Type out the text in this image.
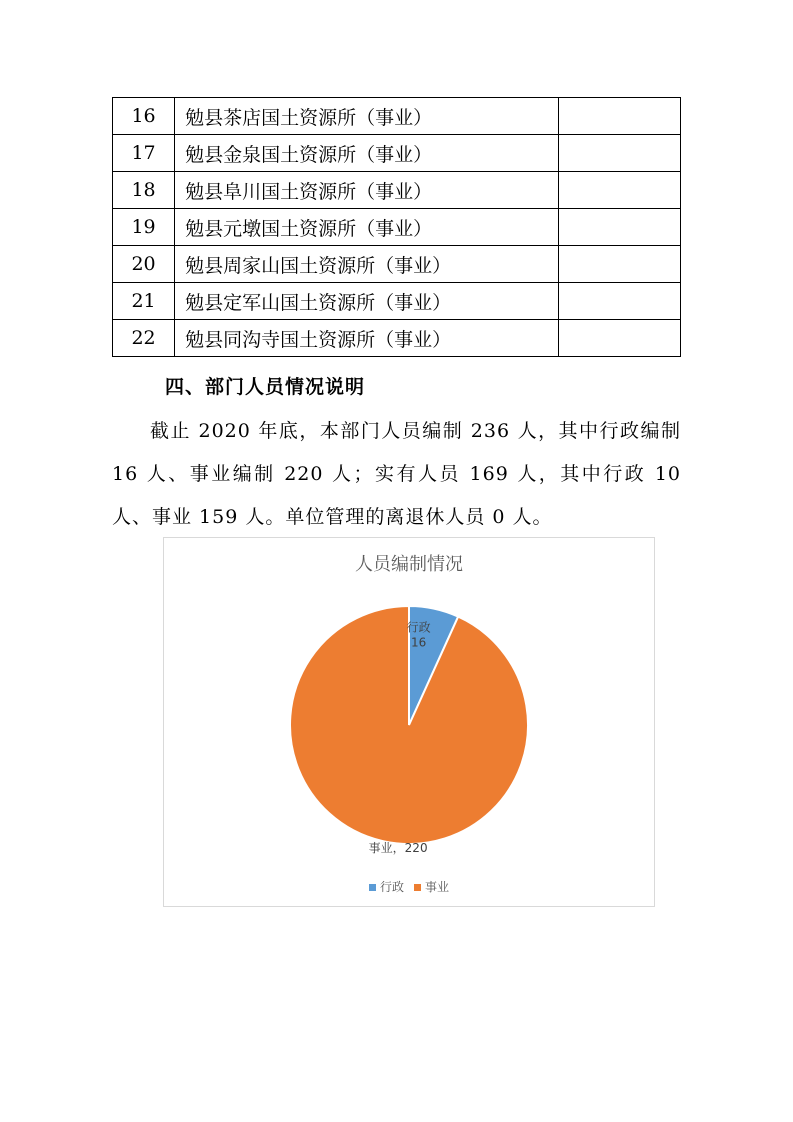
16	勉县茶店国土资源所（事业）	
17	勉县金泉国土资源所（事业）	
18	勉县阜川国土资源所（事业）	
19	勉县元墩国土资源所（事业）	
20	勉县周家山国土资源所（事业）	
21	勉县定军山国土资源所（事业）	
22	勉县同沟寺国土资源所（事业）	
四、部门人员情况说明

截止 2020 年底，本部门人员编制 236 人，其中行政编制 16 人、事业编制 220 人；实有人员 169 人，其中行政 10 人、事业 159 人。单位管理的离退休人员 0 人。

人员编制情况
行政 16
事业，220
行政 事业
